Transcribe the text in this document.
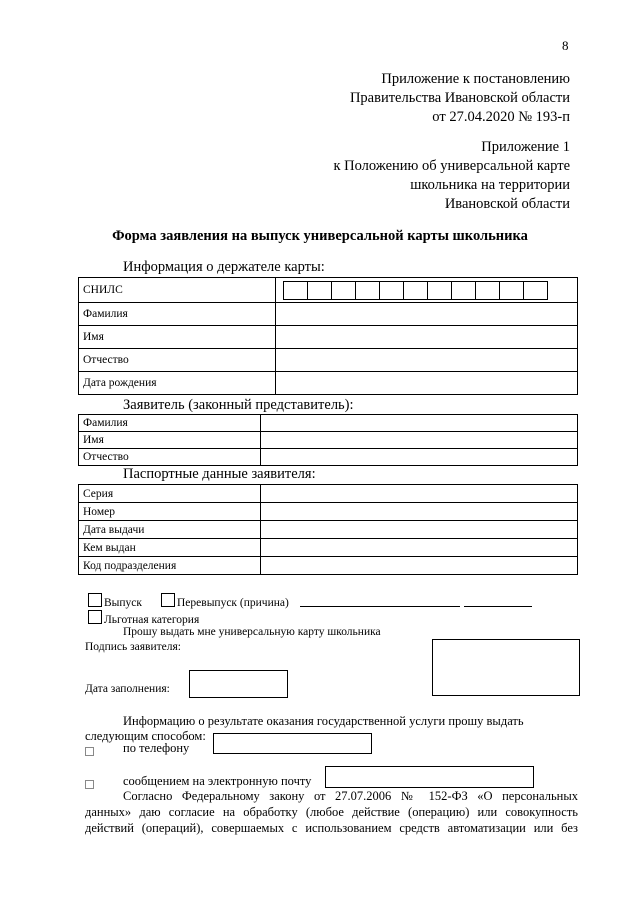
8
Приложение к постановлению
Правительства Ивановской области
от 27.04.2020 № 193-п
Приложение 1
к Положению об универсальной карте
школьника на территории
Ивановской области
Форма заявления на выпуск универсальной карты школьника
Информация о держателе карты:
СНИЛС	

Фамилия	
Имя	
Отчество	
Дата рождения	
Заявитель (законный представитель):
Фамилия	
Имя	
Отчество	
Паспортные данные заявителя:
Серия	
Номер	
Дата выдачи	
Кем выдан	
Код подразделения	
Выпуск	Перевыпуск (причина)
Льготная категория
Прошу выдать мне универсальную карту школьника
Подпись заявителя:
Дата заполнения:
Информацию о результате оказания государственной услуги прошу выдать
следующим способом:
по телефону
сообщением на электронную почту
Согласно Федеральному закону от 27.07.2006 № 152-ФЗ «О персональных
данных» даю согласие на обработку (любое действие (операцию) или совокупность
действий (операций), совершаемых с использованием средств автоматизации или без
